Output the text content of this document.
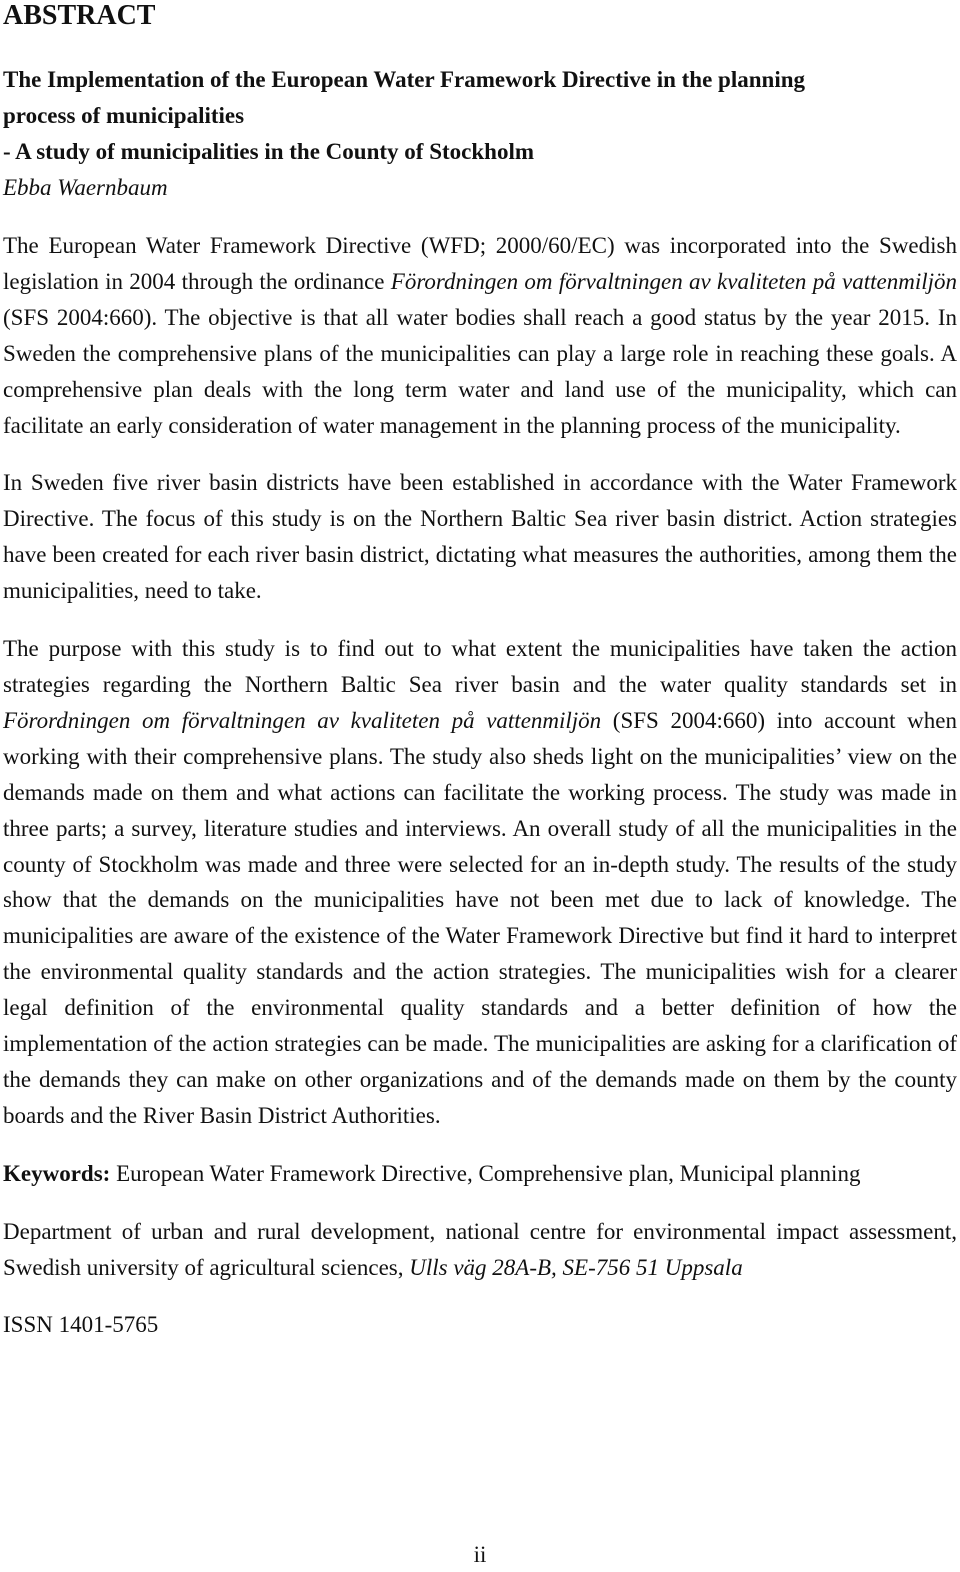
ABSTRACT
The Implementation of the European Water Framework Directive in the planning
process of municipalities
- A study of municipalities in the County of Stockholm
Ebba Waernbaum

The European Water Framework Directive (WFD; 2000/60/EC) was incorporated into the Swedish legislation in 2004 through the ordinance Förordningen om förvaltningen av kvaliteten på vattenmiljön (SFS 2004:660). The objective is that all water bodies shall reach a good status by the year 2015. In Sweden the comprehensive plans of the municipalities can play a large role in reaching these goals. A comprehensive plan deals with the long term water and land use of the municipality, which can facilitate an early consideration of water management in the planning process of the municipality.

In Sweden five river basin districts have been established in accordance with the Water Framework Directive. The focus of this study is on the Northern Baltic Sea river basin district. Action strategies have been created for each river basin district, dictating what measures the authorities, among them the municipalities, need to take.

The purpose with this study is to find out to what extent the municipalities have taken the action strategies regarding the Northern Baltic Sea river basin and the water quality standards set in Förordningen om förvaltningen av kvaliteten på vattenmiljön (SFS 2004:660) into account when working with their comprehensive plans. The study also sheds light on the municipalities’ view on the demands made on them and what actions can facilitate the working process. The study was made in three parts; a survey, literature studies and interviews. An overall study of all the municipalities in the county of Stockholm was made and three were selected for an in-depth study. The results of the study show that the demands on the municipalities have not been met due to lack of knowledge. The municipalities are aware of the existence of the Water Framework Directive but find it hard to interpret the environmental quality standards and the action strategies. The municipalities wish for a clearer legal definition of the environmental quality standards and a better definition of how the implementation of the action strategies can be made. The municipalities are asking for a clarification of the demands they can make on other organizations and of the demands made on them by the county boards and the River Basin District Authorities.

Keywords: European Water Framework Directive, Comprehensive plan, Municipal planning

Department of urban and rural development, national centre for environmental impact assessment, Swedish university of agricultural sciences, Ulls väg 28A-B, SE-756 51 Uppsala

ISSN 1401-5765

ii
